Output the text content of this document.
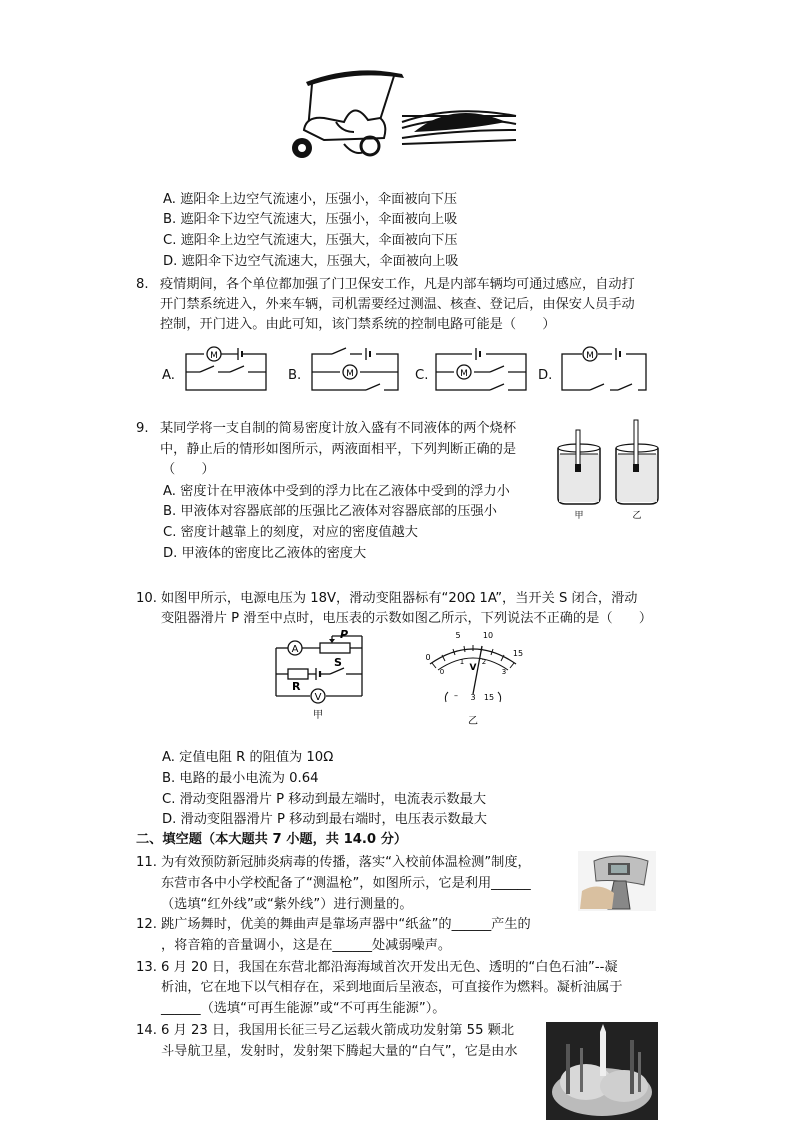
A. 遮阳伞上边空气流速小，压强小，伞面被向下压
B. 遮阳伞下边空气流速大，压强小，伞面被向上吸
C. 遮阳伞上边空气流速大，压强大，伞面被向下压
D. 遮阳伞下边空气流速大，压强大，伞面被向上吸
8. 疫情期间，各个单位都加强了门卫保安工作，凡是内部车辆均可通过感应，自动打
开门禁系统进入，外来车辆，司机需要经过测温、核查、登记后，由保安人员手动
控制，开门进入。由此可知，该门禁系统的控制电路可能是（　　）
A.	B.	C.	D.
M
M	M
M
9. 某同学将一支自制的简易密度计放入盛有不同液体的两个烧杯
中，静止后的情形如图所示，两液面相平，下列判断正确的是
（　　）
A. 密度计在甲液体中受到的浮力比在乙液体中受到的浮力小
B. 甲液体对容器底部的压强比乙液体对容器底部的压强小
C. 密度计越靠上的刻度，对应的密度值越大
D. 甲液体的密度比乙液体的密度大
甲	乙
10. 如图甲所示，电源电压为 18V，滑动变阻器标有“20Ω 1A”，当开关 S 闭合，滑动
变阻器滑片 P 滑至中点时，电压表的示数如图乙所示，下列说法不正确的是（　　）
A
P
R
S
V
甲
0
5	10
15
0
1	2
3
V
– 3 15
乙
A. 定值电阻 R 的阻值为 10Ω
B. 电路的最小电流为 0.64
C. 滑动变阻器滑片 P 移动到最左端时，电流表示数最大
D. 滑动变阻器滑片 P 移动到最右端时，电压表示数最大
二、填空题（本大题共 7 小题，共 14.0 分）
11. 为有效预防新冠肺炎病毒的传播，落实“入校前体温检测”制度，
东营市各中小学校配备了“测温枪”，如图所示，它是利用______
（选填“红外线”或“紫外线”）进行测量的。
12. 跳广场舞时，优美的舞曲声是靠场声器中“纸盆”的______产生的
，将音箱的音量调小，这是在______处减弱噪声。
13. 6 月 20 日，我国在东营北都沿海海域首次开发出无色、透明的“白色石油”--凝
析油，它在地下以气相存在，采到地面后呈液态，可直接作为燃料。凝析油属于
______（选填“可再生能源”或“不可再生能源”）。
14. 6 月 23 日，我国用长征三号乙运载火箭成功发射第 55 颗北
斗导航卫星，发射时，发射架下腾起大量的“白气”，它是由水
